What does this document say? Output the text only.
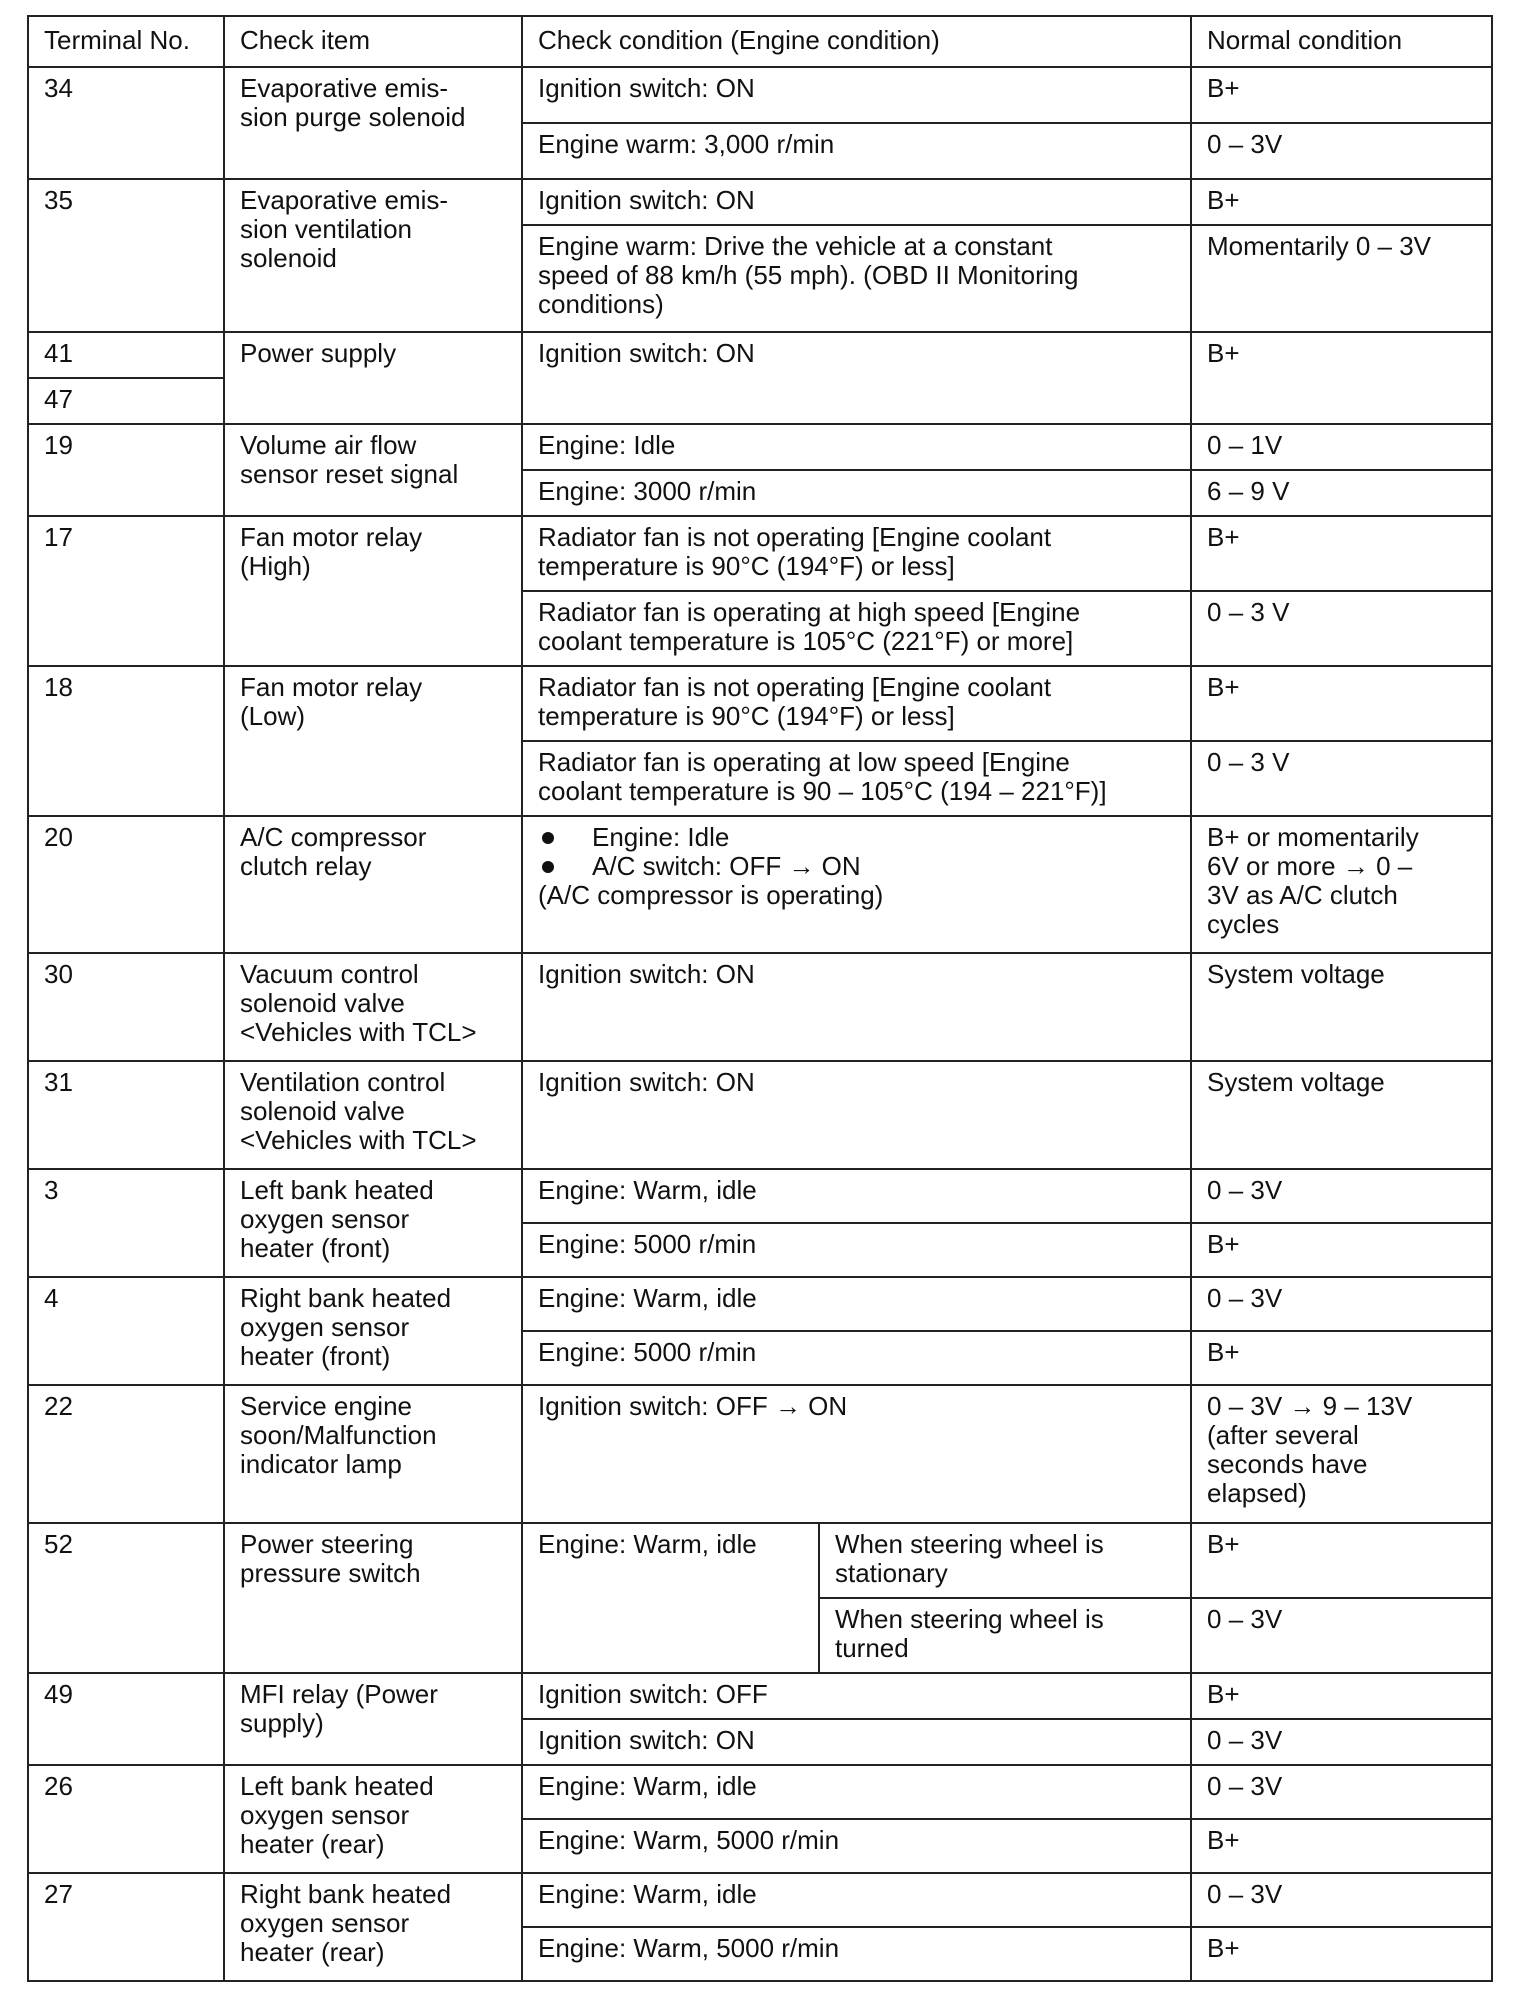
Terminal No.	Check item	Check condition (Engine condition)		Normal condition
34	Evaporative emis-
sion purge solenoid	Ignition switch: ON		B+
		Engine warm: 3,000 r/min		0 – 3V
35	Evaporative emis-
sion ventilation
solenoid	Ignition switch: ON		B+
		Engine warm: Drive the vehicle at a constant
speed of 88 km/h (55 mph). (OBD II Monitoring
conditions)		Momentarily 0 – 3V
41	Power supply	Ignition switch: ON		B+
47				
19	Volume air flow
sensor reset signal	Engine: Idle		0 – 1V
		Engine: 3000 r/min		6 – 9 V
17	Fan motor relay
(High)	Radiator fan is not operating [Engine coolant
temperature is 90°C (194°F) or less]		B+
		Radiator fan is operating at high speed [Engine
coolant temperature is 105°C (221°F) or more]		0 – 3 V
18	Fan motor relay
(Low)	Radiator fan is not operating [Engine coolant
temperature is 90°C (194°F) or less]		B+
		Radiator fan is operating at low speed [Engine
coolant temperature is 90 – 105°C (194 – 221°F)]		0 – 3 V
20	A/C compressor
clutch relay	Engine: Idle
A/C switch: OFF → ON
(A/C compressor is operating)		B+ or momentarily
6V or more → 0 –
3V as A/C clutch
cycles
30	Vacuum control
solenoid valve
<Vehicles with TCL>	Ignition switch: ON		System voltage
31	Ventilation control
solenoid valve
<Vehicles with TCL>	Ignition switch: ON		System voltage
3	Left bank heated
oxygen sensor
heater (front)	Engine: Warm, idle		0 – 3V
		Engine: 5000 r/min		B+
4	Right bank heated
oxygen sensor
heater (front)	Engine: Warm, idle		0 – 3V
		Engine: 5000 r/min		B+
22	Service engine
soon/Malfunction
indicator lamp	Ignition switch: OFF → ON		0 – 3V → 9 – 13V
(after several
seconds have
elapsed)
52	Power steering
pressure switch	Engine: Warm, idle	When steering wheel is
stationary	B+
			When steering wheel is
turned	0 – 3V
49	MFI relay (Power
supply)	Ignition switch: OFF		B+
		Ignition switch: ON		0 – 3V
26	Left bank heated
oxygen sensor
heater (rear)	Engine: Warm, idle		0 – 3V
		Engine: Warm, 5000 r/min		B+
27	Right bank heated
oxygen sensor
heater (rear)	Engine: Warm, idle		0 – 3V
		Engine: Warm, 5000 r/min		B+
